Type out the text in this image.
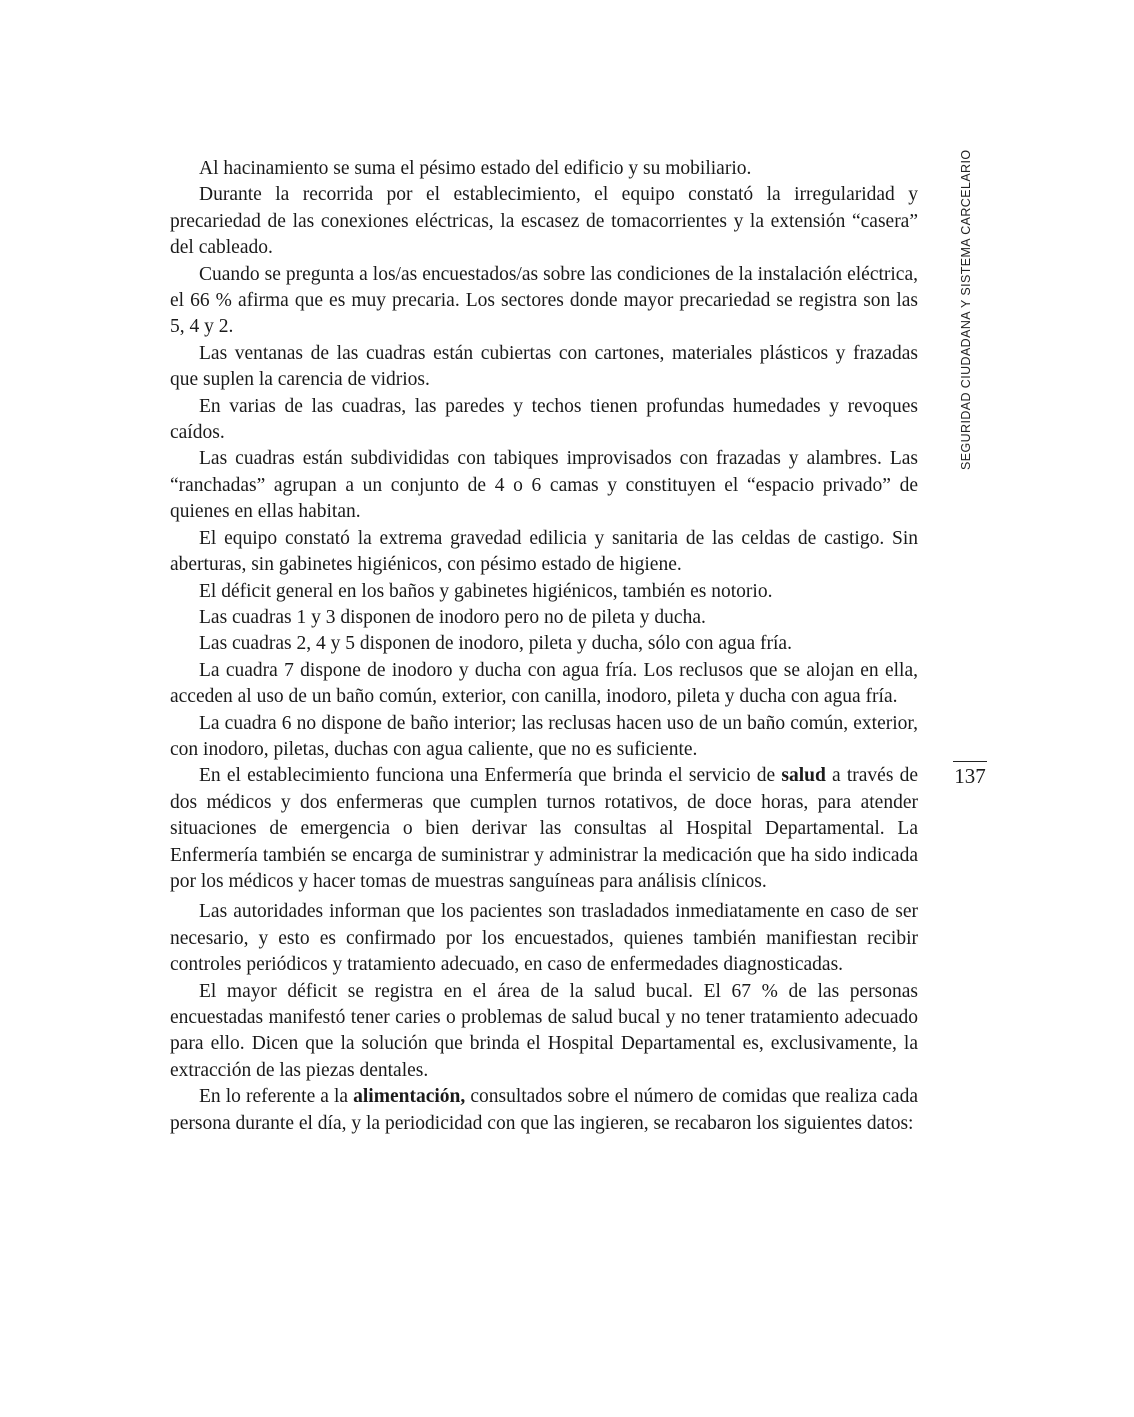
Al hacinamiento se suma el pésimo estado del edificio y su mobiliario.

Durante la recorrida por el establecimiento, el equipo constató la irregularidad y precariedad de las conexiones eléctricas, la escasez de tomacorrientes y la extensión “casera” del cableado.

Cuando se pregunta a los/as encuestados/as sobre las condiciones de la instalación eléctrica, el 66 % afirma que es muy precaria. Los sectores donde mayor precariedad se registra son las 5, 4 y 2.

Las ventanas de las cuadras están cubiertas con cartones, materiales plásticos y frazadas que suplen la carencia de vidrios.

En varias de las cuadras, las paredes y techos tienen profundas humedades y revoques caídos.

Las cuadras están subdivididas con tabiques improvisados con frazadas y alambres. Las “ranchadas” agrupan a un conjunto de 4 o 6 camas y constituyen el “espacio privado” de quienes en ellas habitan.

El equipo constató la extrema gravedad edilicia y sanitaria de las celdas de castigo. Sin aberturas, sin gabinetes higiénicos, con pésimo estado de higiene.

El déficit general en los baños y gabinetes higiénicos, también es notorio.

Las cuadras 1 y 3 disponen de inodoro pero no de pileta y ducha.

Las cuadras 2, 4 y 5 disponen de inodoro, pileta y ducha, sólo con agua fría.

La cuadra 7 dispone de inodoro y ducha con agua fría. Los reclusos que se alojan en ella, acceden al uso de un baño común, exterior, con canilla, inodoro, pileta y ducha con agua fría.

La cuadra 6 no dispone de baño interior; las reclusas hacen uso de un baño común, exterior, con inodoro, piletas, duchas con agua caliente, que no es suficiente.

En el establecimiento funciona una Enfermería que brinda el servicio de salud a través de dos médicos y dos enfermeras que cumplen turnos rotativos, de doce horas, para atender situaciones de emergencia o bien derivar las consultas al Hospital Departamental. La Enfermería también se encarga de suministrar y administrar la medicación que ha sido indicada por los médicos y hacer tomas de muestras sanguíneas para análisis clínicos.

Las autoridades informan que los pacientes son trasladados inmediatamente en caso de ser necesario, y esto es confirmado por los encuestados, quienes también manifiestan recibir controles periódicos y tratamiento adecuado, en caso de enfermedades diagnosticadas.

El mayor déficit se registra en el área de la salud bucal. El 67 % de las personas encuestadas manifestó tener caries o problemas de salud bucal y no tener tratamiento adecuado para ello. Dicen que la solución que brinda el Hospital Departamental es, exclusivamente, la extracción de las piezas dentales.

En lo referente a la alimentación, consultados sobre el número de comidas que realiza cada persona durante el día, y la periodicidad con que las ingieren, se recabaron los siguientes datos:

SEGURIDAD CIUDADANA Y SISTEMA CARCELARIO
137
